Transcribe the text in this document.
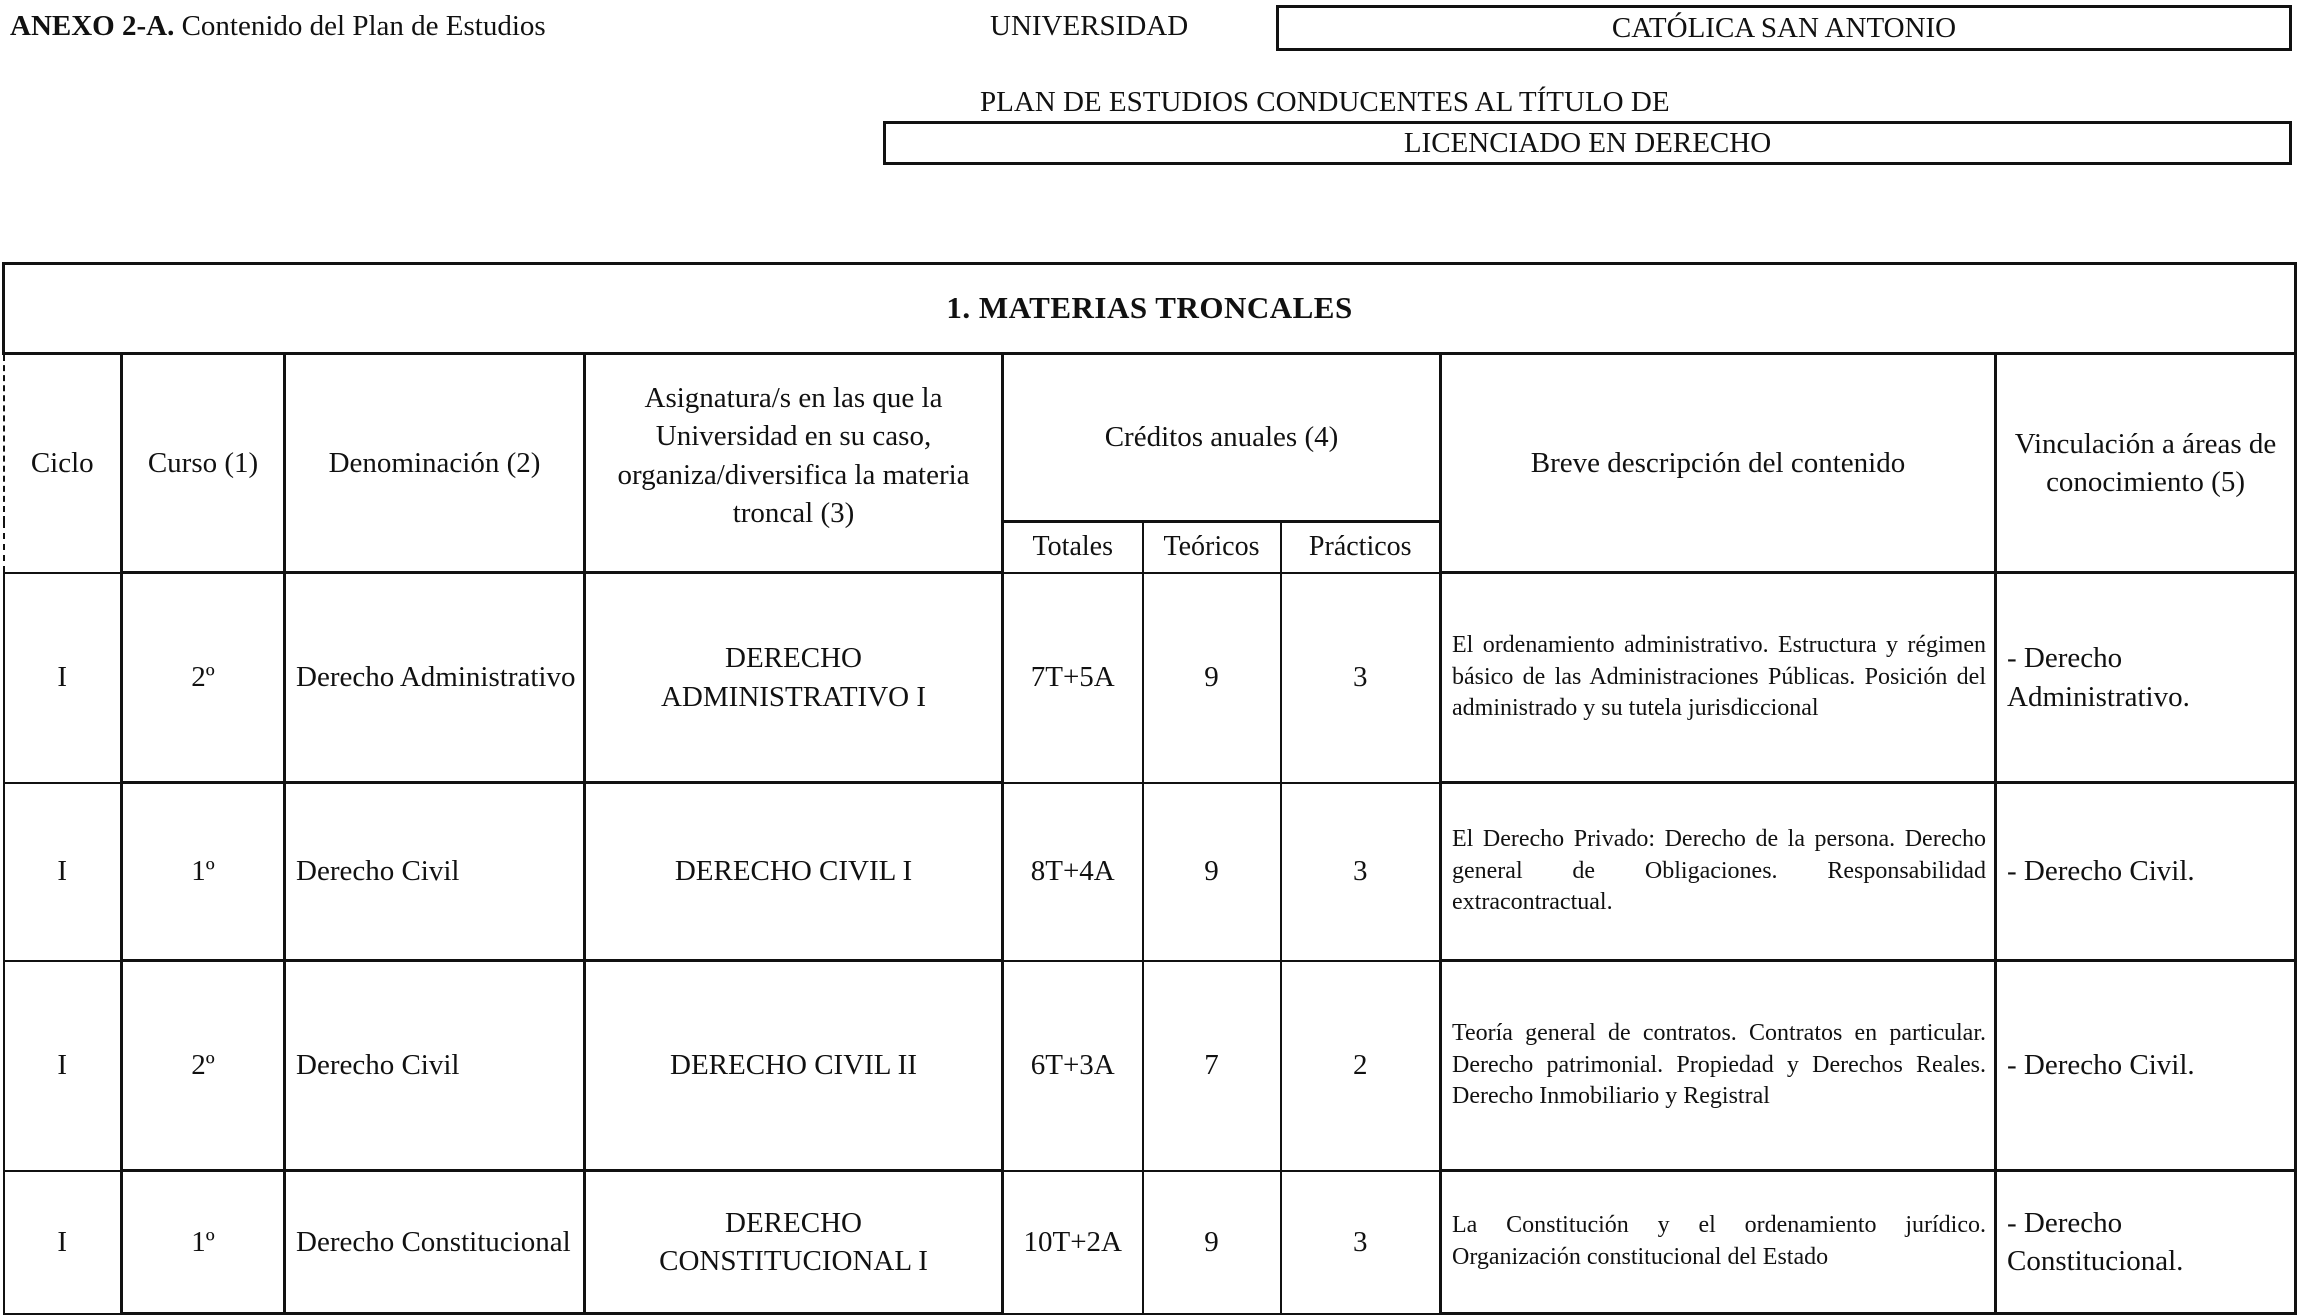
ANEXO 2-A. Contenido del Plan de Estudios	UNIVERSIDAD	CATÓLICA SAN ANTONIO
PLAN DE ESTUDIOS CONDUCENTES AL TÍTULO DE
LICENCIADO EN DERECHO
1. MATERIAS TRONCALES								
Ciclo	Curso (1)	Denominación (2)	Asignatura/s en las que la Universidad en su caso, organiza/diversifica la materia troncal (3)	Créditos anuales (4)			Breve descripción del contenido	Vinculación a áreas de conocimiento (5)
				Totales	Teóricos	Prácticos		
I	2º	Derecho Administrativo	DERECHO ADMINISTRATIVO I	7T+5A	9	3	El ordenamiento administrativo. Estructura y régimen básico de las Administraciones Públicas. Posición del administrado y su tutela jurisdiccional	- Derecho Administrativo.
I	1º	Derecho Civil	DERECHO CIVIL I	8T+4A	9	3	El Derecho Privado: Derecho de la persona. Derecho general de Obligaciones. Responsabilidad extracontractual.	- Derecho Civil.
I	2º	Derecho Civil	DERECHO CIVIL II	6T+3A	7	2	Teoría general de contratos. Contratos en particular. Derecho patrimonial. Propiedad y Derechos Reales. Derecho Inmobiliario y Registral	- Derecho Civil.
I	1º	Derecho Constitucional	DERECHO CONSTITUCIONAL I	10T+2A	9	3	La Constitución y el ordenamiento jurídico. Organización constitucional del Estado	- Derecho Constitucional.
